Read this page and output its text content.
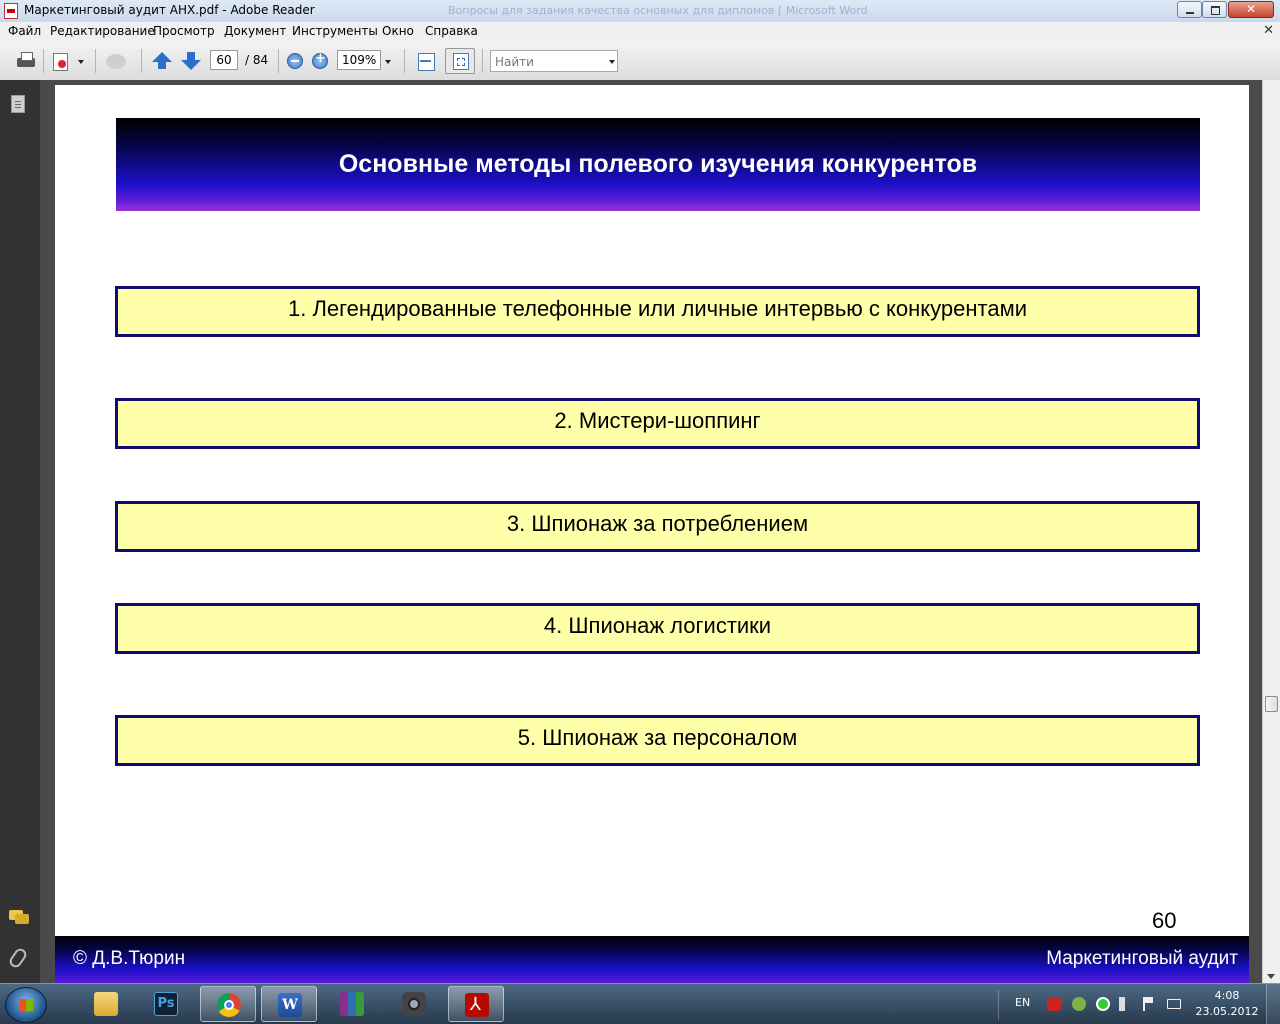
Маркетинговый аудит АНХ.pdf - Adobe Reader	Вопросы для задания качества основных для дипломов [ Microsoft Word
✕
Файл Редактирование
Просмотр Документ Инструменты Окно Справка	✕
60	/ 84 +	109%
Найти
Основные методы полевого изучения конкурентов
1. Легендированные телефонные или личные интервью с конкурентами
2. Мистери-шоппинг
3. Шпионаж за потреблением
4. Шпионаж логистики
5. Шпионаж за персоналом
60
© Д.В.Тюрин	Маркетинговый аудит
Ps	W ⅄	EN
4:08
23.05.2012
